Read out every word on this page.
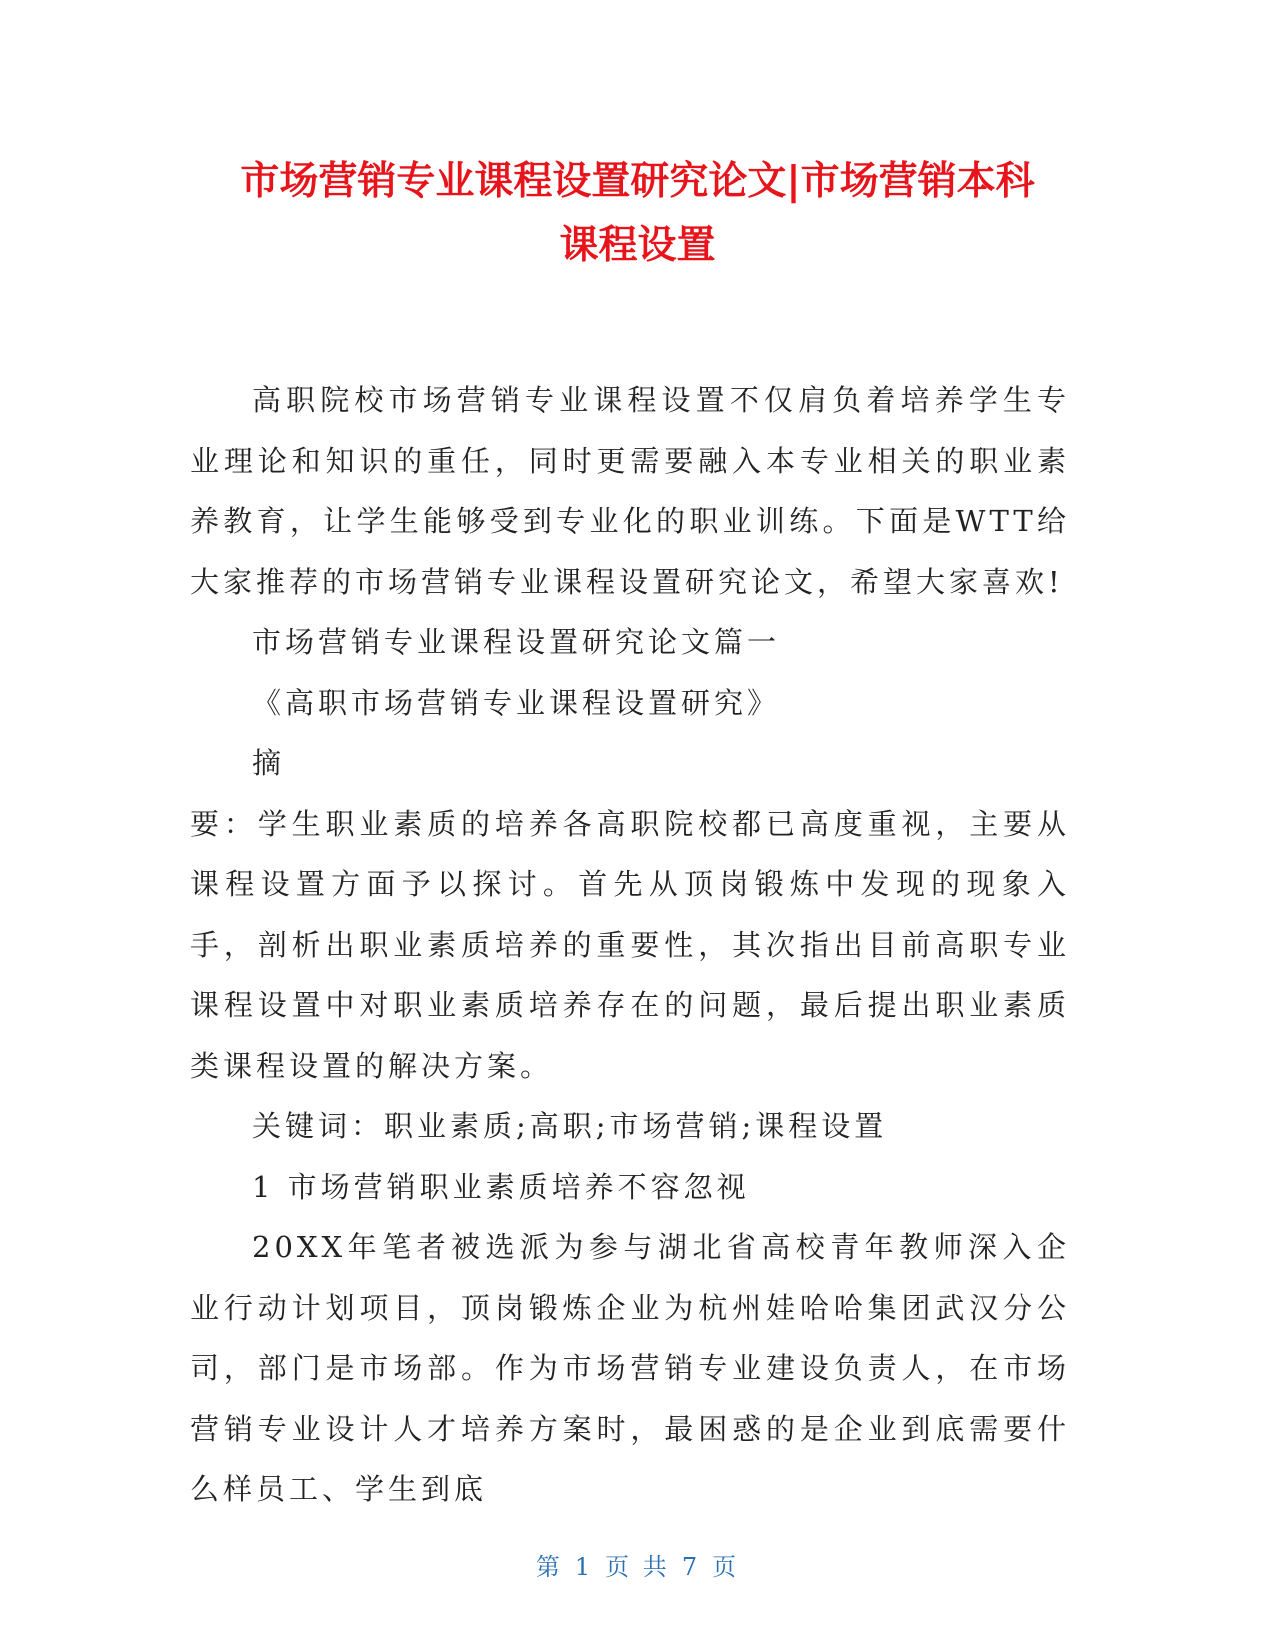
市场营销专业课程设置研究论文|市场营销本科
课程设置

高职院校市场营销专业课程设置不仅肩负着培养学生专业理论和知识的重任，同时更需要融入本专业相关的职业素养教育，让学生能够受到专业化的职业训练。下面是WTT给大家推荐的市场营销专业课程设置研究论文，希望大家喜欢!

市场营销专业课程设置研究论文篇一

《高职市场营销专业课程设置研究》

摘

要：学生职业素质的培养各高职院校都已高度重视，主要从课程设置方面予以探讨。首先从顶岗锻炼中发现的现象入手，剖析出职业素质培养的重要性，其次指出目前高职专业课程设置中对职业素质培养存在的问题，最后提出职业素质类课程设置的解决方案。

关键词：职业素质;高职;市场营销;课程设置

1 市场营销职业素质培养不容忽视

20XX年笔者被选派为参与湖北省高校青年教师深入企业行动计划项目，顶岗锻炼企业为杭州娃哈哈集团武汉分公司，部门是市场部。作为市场营销专业建设负责人，在市场营销专业设计人才培养方案时，最困惑的是企业到底需要什么样员工、学生到底

第 1 页 共 7 页
